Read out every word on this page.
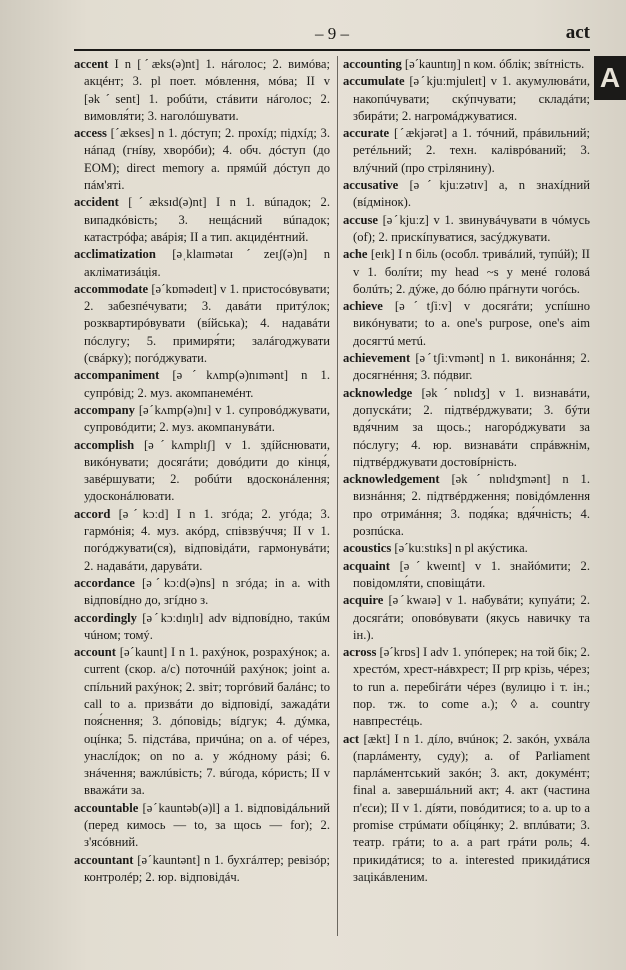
– 9 –	act
A

accent I n [ˊæks(ə)nt] 1. нáголос; 2. вимóва; акцéнт; 3. pl поет. мóвлення, мóва; II v [əkˊsent] 1. робúти, стáвити нáголос; 2. вимовля́ти; 3. наголóшувати.

access [ˊækses] n 1. дóступ; 2. прохíд; підхíд; 3. нáпад (гнíву, хворóби); 4. обч. дóступ (до ЕОМ); direct memory a. прямúй дóступ до пáм'яті.

accident [ˊæksɪd(ə)nt] I n 1. вúпадок; 2. випадкóвість; 3. нещáсний вúпадок; катастрóфа; авáрія; II a тип. акцидéнтний.

acclimatization [əˌklaɪmətaɪˊzeɪʃ(ə)n] n акліматизáція.

accommodate [əˊkɒmədeɪt] v 1. пристосóвувати; 2. забезпéчувати; 3. давáти притýлок; розквартирóвувати (вíйська); 4. надавáти пóслугу; 5. примиря́ти; залáгоджувати (свáрку); погóджувати.

accompaniment [əˊkʌmp(ə)nɪmənt] n 1. супрóвід; 2. муз. акомпанемéнт.

accompany [əˊkʌmp(ə)nɪ] v 1. супровóджувати, супровóдити; 2. муз. акомпанувáти.

accomplish [əˊkʌmplɪʃ] v 1. здíйснювати, викóнувати; досягáти; довóдити до кінця́, завéршувати; 2. робúти вдосконáлення; удосконáлювати.

accord [əˊkɔːd] I n 1. згóда; 2. угóда; 3. гармóнія; 4. муз. акóрд, співзвýччя; II v 1. погóджувати(ся), відповідáти, гармонувáти; 2. надавáти, дарувáти.

accordance [əˊkɔːd(ə)ns] n згóда; in a. with відповíдно до, згíдно з.

accordingly [əˊkɔːdɪŋlɪ] adv відповíдно, такúм чúном; томý.

account [əˊkaunt] I n 1. рахýнок, розрахýнок; a. current (скор. a/c) поточнúй рахýнок; joint a. спíльний рахýнок; 2. звіт; торгóвий балáнс; to call to a. призвáти до відповідí, зажадáти поя́снення; 3. дóповідь; вíдгук; 4. дýмка, оцíнка; 5. підстáва, причúна; on a. of чéрез, унаслíдок; on no a. у жóдному рáзі; 6. знáчення; важлúвість; 7. вúгода, кóристь; II v вважáти за.

accountable [əˊkauntəb(ə)l] a 1. відповідáльний (перед кимось — to, за щось — for); 2. з'ясóвний.

accountant [əˊkauntənt] n 1. бухгáлтер; ревізóр; контролéр; 2. юр. відповідáч.

accounting [əˊkauntɪŋ] n ком. óблік; звíтність.

accumulate [əˊkjuːmjuleɪt] v 1. акумулювáти, накопúчувати; скýпчувати; складáти; збирáти; 2. нагромáджуватися.

accurate [ˊækjərət] a 1. тóчний, прáвильний; ретéльний; 2. техн. каліврóваний; 3. влýчний (про стрілянину).

accusative [əˊkjuːzətɪv] a, n знахíдний (вíдмінок).

accuse [əˊkjuːz] v 1. звинувáчувати в чóмусь (of); 2. прискíпуватися, засýджувати.

ache [eɪk] I n біль (особл. тривáлий, тупúй); II v 1. болíти; my head ~s у менé головá болúть; 2. дýже, до бóлю прáгнути чогóсь.

achieve [əˊtʃiːv] v досягáти; успíшно викóнувати; to a. one's purpose, one's aim досягтú метú.

achievement [əˊtʃiːvmənt] n 1. викoнáння; 2. досягнéння; 3. пóдвиг.

acknowledge [əkˊnɒlɪdʒ] v 1. визнавáти, допускáти; 2. підтвéрджувати; 3. бýти вдя́чним за щось.; нагорóджувати за пóслугу; 4. юр. визнавáти спрáвжнім, підтвéрджувати достовíрність.

acknowledgement [əkˊnɒlɪdʒmənt] n 1. визнáння; 2. підтвéрдження; повідóмлення про отримáння; 3. подя́ка; вдя́чність; 4. розпúска.

acoustics [əˊkuːstɪks] n pl акýстика.

acquaint [əˊkweɪnt] v 1. знайóмити; 2. повідомля́ти, сповіщáти.

acquire [əˊkwaɪə] v 1. набувáти; купуáти; 2. досягáти; оповóвувати (якусь навичку та ін.).

across [əˊkrɒs] I adv 1. упóперек; на той бік; 2. хрестóм, хрест-нáвхрест; II prp крізь, чéрез; to run a. перебігáти чéрез (вулицю і т. ін.; пор. тж. to come a.); ◊ a. country навпрестéць.

act [ækt] I n 1. дíло, вчúнок; 2. закóн, ухвáла (парлáменту, суду); a. of Parliament парлáментський закóн; 3. акт, докумéнт; final a. завершáльний акт; 4. акт (частина п'єси); II v 1. дíяти, повóдитися; to a. up to a promise стрúмати обíця́нку; 2. вплúвати; 3. театр. грáти; to a. a part грáти роль; 4. прикидáтися; to a. interested прикидáтися зацікáвленим.
